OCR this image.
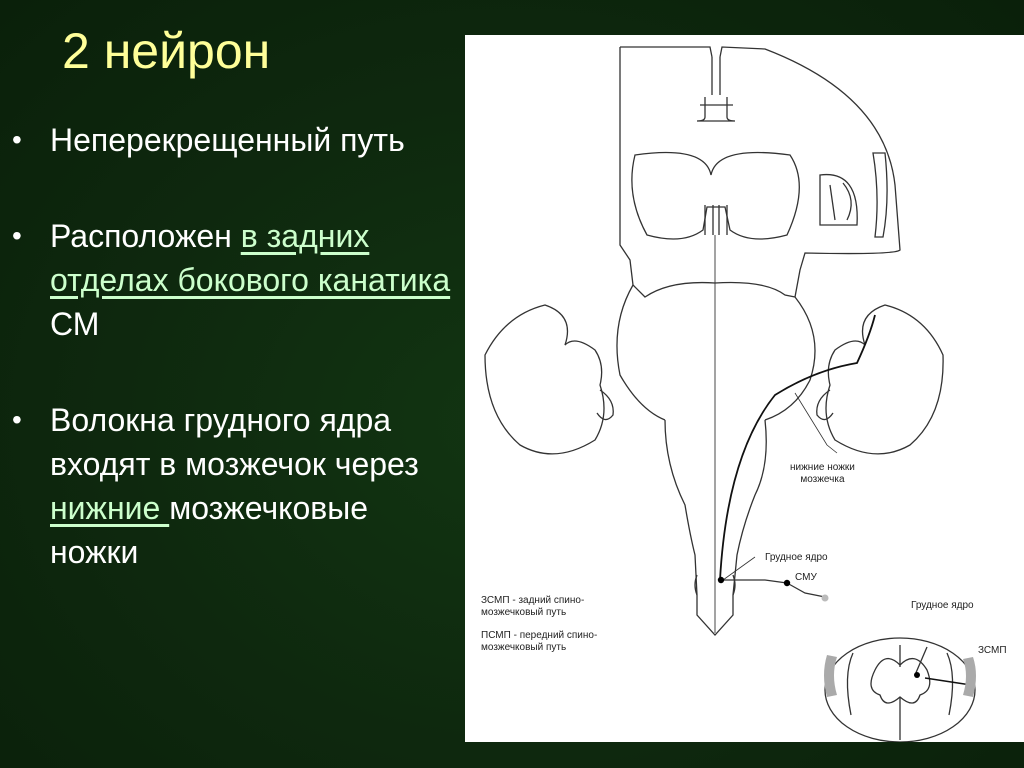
2 нейрон
• Неперекрещенный путь
• Расположен в задних отделах бокового канатика СМ
• Волокна грудного ядра входят в мозжечок через нижние мозжечковые ножки
нижние ножки
мозжечка
Грудное ядро
СМУ
ЗСМП - задний спино-
мозжечковый путь
ПСМП - передний спино-
мозжечковый путь
Грудное ядро
ЗСМП
